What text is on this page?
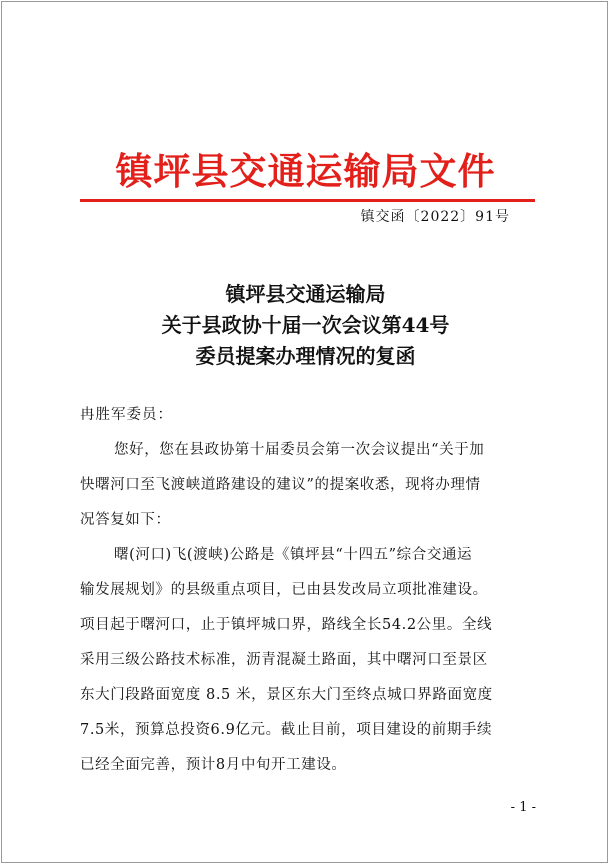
镇坪县交通运输局文件
镇交函〔2022〕91号
镇坪县交通运输局
关于县政协十届一次会议第44号
委员提案办理情况的复函
冉胜军委员：
您好，您在县政协第十届委员会第一次会议提出“关于加
快曙河口至飞渡峡道路建设的建议”的提案收悉，现将办理情
况答复如下：
曙(河口)飞(渡峡)公路是《镇坪县“十四五”综合交通运
输发展规划》的县级重点项目，已由县发改局立项批准建设。
项目起于曙河口，止于镇坪城口界，路线全长54.2公里。全线
采用三级公路技术标准，沥青混凝土路面，其中曙河口至景区
东大门段路面宽度 8.5 米，景区东大门至终点城口界路面宽度
7.5米，预算总投资6.9亿元。截止目前，项目建设的前期手续
已经全面完善，预计8月中旬开工建设。
- 1 -
